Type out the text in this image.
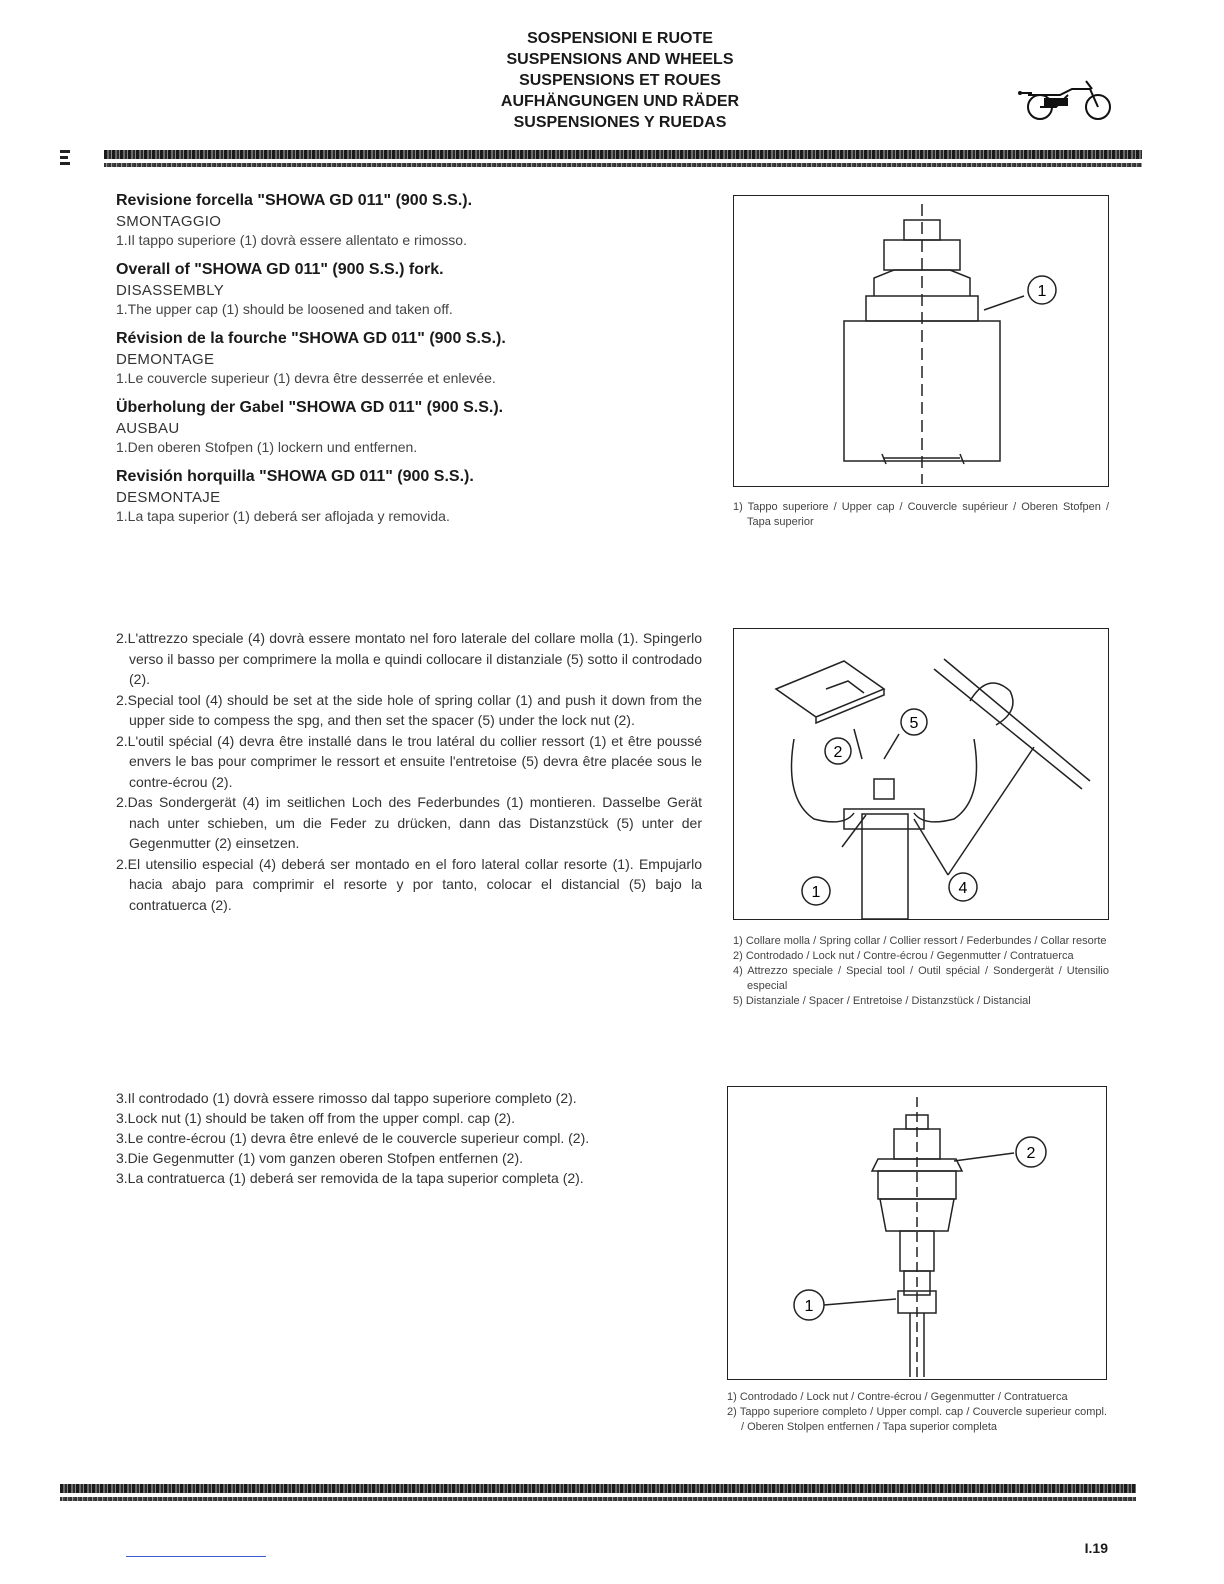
SOSPENSIONI E RUOTE
SUSPENSIONS AND WHEELS
SUSPENSIONS ET ROUES
AUFHÄNGUNGEN UND RÄDER
SUSPENSIONES Y RUEDAS
Revisione forcella "SHOWA GD 011" (900 S.S.).
SMONTAGGIO
1.Il tappo superiore (1) dovrà essere allentato e rimosso.
Overall of "SHOWA GD 011" (900 S.S.) fork.
DISASSEMBLY
1.The upper cap (1) should be loosened and taken off.
Révision de la fourche "SHOWA GD 011" (900 S.S.).
DEMONTAGE
1.Le couvercle superieur (1) devra être desserrée et enlevée.
Überholung der Gabel "SHOWA GD 011" (900 S.S.).
AUSBAU
1.Den oberen Stofpen (1) lockern und entfernen.
Revisión horquilla "SHOWA GD 011" (900 S.S.).
DESMONTAJE
1.La tapa superior (1) deberá ser aflojada y removida.
1

1) Tappo superiore / Upper cap / Couvercle supérieur / Oberen Stofpen / Tapa superior

2.L'attrezzo speciale (4) dovrà essere montato nel foro laterale del collare molla (1). Spingerlo verso il basso per comprimere la molla e quindi collocare il distanziale (5) sotto il controdado (2).

2.Special tool (4) should be set at the side hole of spring collar (1) and push it down from the upper side to compess the spg, and then set the spacer (5) under the lock nut (2).

2.L'outil spécial (4) devra être installé dans le trou latéral du collier ressort (1) et être poussé envers le bas pour comprimer le ressort et ensuite l'entretoise (5) devra être placée sous le contre-écrou (2).

2.Das Sondergerät (4) im seitlichen Loch des Federbundes (1) montieren. Dasselbe Gerät nach unter schieben, um die Feder zu drücken, dann das Distanzstück (5) unter der Gegenmutter (2) einsetzen.

2.El utensilio especial (4) deberá ser montado en el foro lateral collar resorte (1). Empujarlo hacia abajo para comprimir el resorte y por tanto, colocar el distancial (5) bajo la contratuerca (2).

5
2
1	4

1) Collare molla / Spring collar / Collier ressort / Federbundes / Collar resorte

2) Controdado / Lock nut / Contre-écrou / Gegenmutter / Contratuerca

4) Attrezzo speciale / Special tool / Outil spécial / Sondergerät / Utensilio especial

5) Distanziale / Spacer / Entretoise / Distanzstück / Distancial

3.Il controdado (1) dovrà essere rimosso dal tappo superiore completo (2).
3.Lock nut (1) should be taken off from the upper compl. cap (2).
3.Le contre-écrou (1) devra être enlevé de le couvercle superieur compl. (2).
3.Die Gegenmutter (1) vom ganzen oberen Stofpen entfernen (2).
3.La contratuerca (1) deberá ser removida de la tapa superior completa (2).
2
1

1) Controdado / Lock nut / Contre-écrou / Gegenmutter / Contratuerca

2) Tappo superiore completo / Upper compl. cap / Couvercle superieur compl. / Oberen Stolpen entfernen / Tapa superior completa

I.19
